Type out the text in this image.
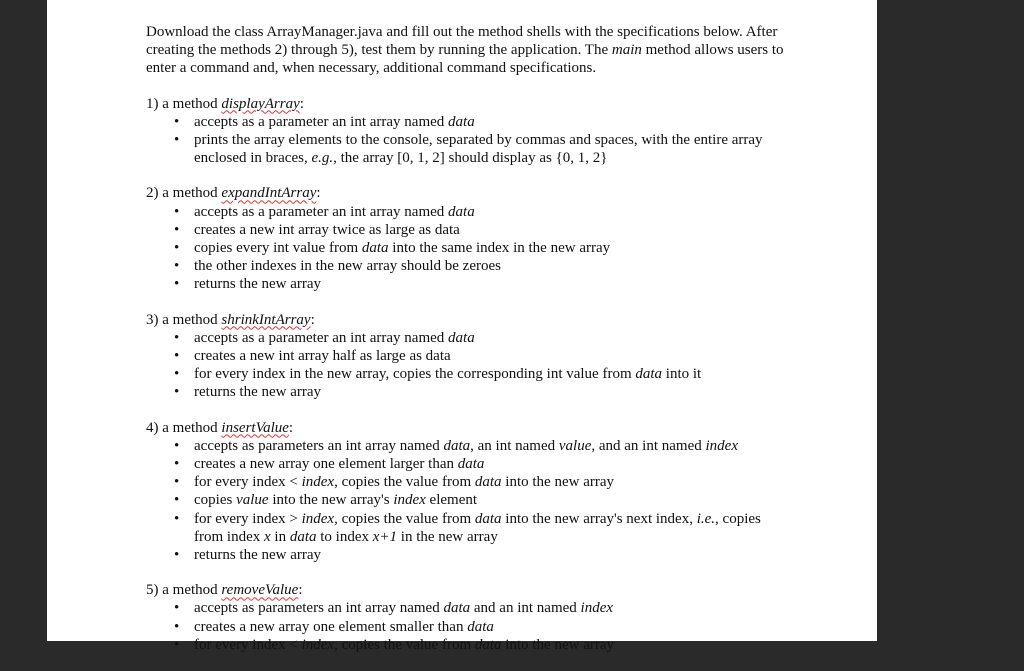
Download the class ArrayManager.java and fill out the method shells with the specifications below. After creating the methods 2) through 5), test them by running the application. The main method allows users to enter a command and, when necessary, additional command specifications.

1) a method displayArray:

• accepts as a parameter an int array named data
• prints the array elements to the console, separated by commas and spaces, with the entire array enclosed in braces, e.g., the array [0, 1, 2] should display as {0, 1, 2}

2) a method expandIntArray:

• accepts as a parameter an int array named data
• creates a new int array twice as large as data
• copies every int value from data into the same index in the new array
• the other indexes in the new array should be zeroes
• returns the new array

3) a method shrinkIntArray:

• accepts as a parameter an int array named data
• creates a new int array half as large as data
• for every index in the new array, copies the corresponding int value from data into it
• returns the new array

4) a method insertValue:

• accepts as parameters an int array named data, an int named value, and an int named index
• creates a new array one element larger than data
• for every index < index, copies the value from data into the new array
• copies value into the new array's index element
• for every index > index, copies the value from data into the new array's next index, i.e., copies from index x in data to index x+1 in the new array
• returns the new array

5) a method removeValue:

• accepts as parameters an int array named data and an int named index
• creates a new array one element smaller than data
• for every index < index, copies the value from data into the new array
